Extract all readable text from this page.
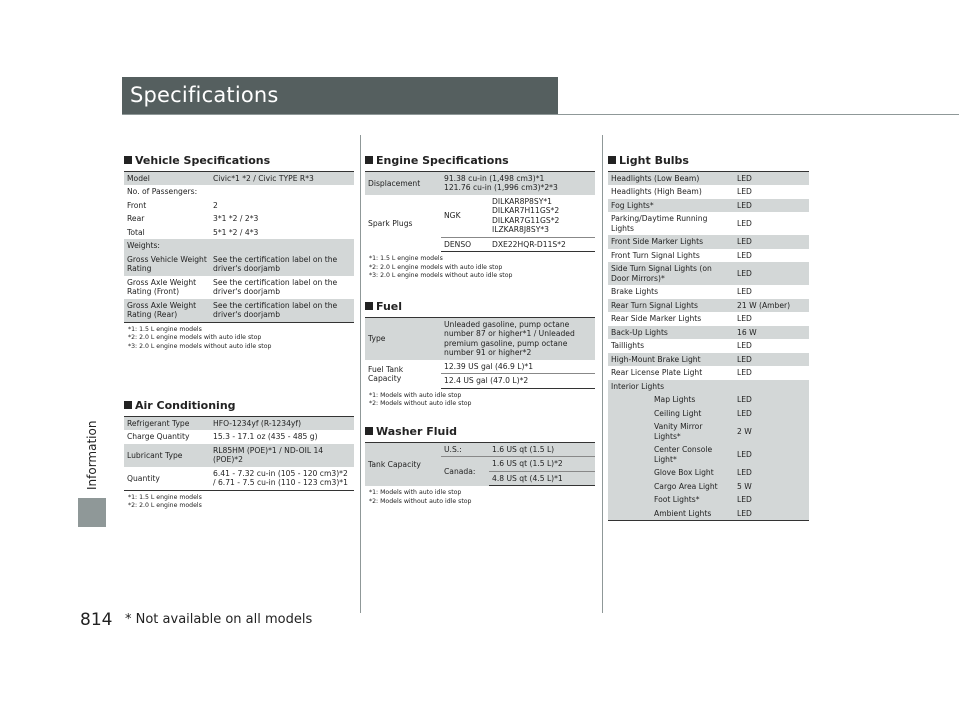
Specifications
Information
814 * Not available on all models
Vehicle Specifications
Model	Civic*1 *2 / Civic TYPE R*3
No. of Passengers:	
Front	2
Rear	3*1 *2 / 2*3
Total	5*1 *2 / 4*3
Weights:	
Gross Vehicle Weight Rating	See the certification label on the driver's doorjamb
Gross Axle Weight Rating (Front)	See the certification label on the driver's doorjamb
Gross Axle Weight Rating (Rear)	See the certification label on the driver's doorjamb
*1: 1.5 L engine models
*2: 2.0 L engine models with auto idle stop
*3: 2.0 L engine models without auto idle stop
Air Conditioning
Refrigerant Type	HFO-1234yf (R-1234yf)
Charge Quantity	15.3 - 17.1 oz (435 - 485 g)
Lubricant Type	RL85HM (POE)*1 / ND-OIL 14 (POE)*2
Quantity	6.41 - 7.32 cu-in (105 - 120 cm3)*2 / 6.71 - 7.5 cu-in (110 - 123 cm3)*1
*1: 1.5 L engine models
*2: 2.0 L engine models
Engine Specifications
Displacement	91.38 cu-in (1,498 cm3)*1
121.76 cu-in (1,996 cm3)*2*3	

Spark Plugs	NGK	DILKAR8P8SY*1
DILKAR7H11GS*2
DILKAR7G11GS*2
ILZKAR8J8SY*3

	DENSO	DXE22HQR-D11S*2
*1: 1.5 L engine models
*2: 2.0 L engine models with auto idle stop
*3: 2.0 L engine models without auto idle stop
Fuel
Type	Unleaded gasoline, pump octane number 87 or higher*1 / Unleaded premium gasoline, pump octane number 91 or higher*2
Fuel Tank Capacity	12.39 US gal (46.9 L)*1
	12.4 US gal (47.0 L)*2
*1: Models with auto idle stop
*2: Models without auto idle stop
Washer Fluid
Tank Capacity	U.S.:	1.6 US qt (1.5 L)
	Canada:	1.6 US qt (1.5 L)*2
		4.8 US qt (4.5 L)*1
*1: Models with auto idle stop
*2: Models without auto idle stop
Light Bulbs
Headlights (Low Beam)	LED
Headlights (High Beam)	LED
Fog Lights*	LED
Parking/Daytime Running Lights	LED
Front Side Marker Lights	LED
Front Turn Signal Lights	LED
Side Turn Signal Lights (on Door Mirrors)*	LED
Brake Lights	LED
Rear Turn Signal Lights	21 W (Amber)
Rear Side Marker Lights	LED
Back-Up Lights	16 W
Taillights	LED
High-Mount Brake Light	LED
Rear License Plate Light	LED
Interior Lights	
Map Lights	LED
Ceiling Light	LED
Vanity Mirror Lights*	2 W
Center Console Light*	LED
Glove Box Light	LED
Cargo Area Light	5 W
Foot Lights*	LED
Ambient Lights	LED
